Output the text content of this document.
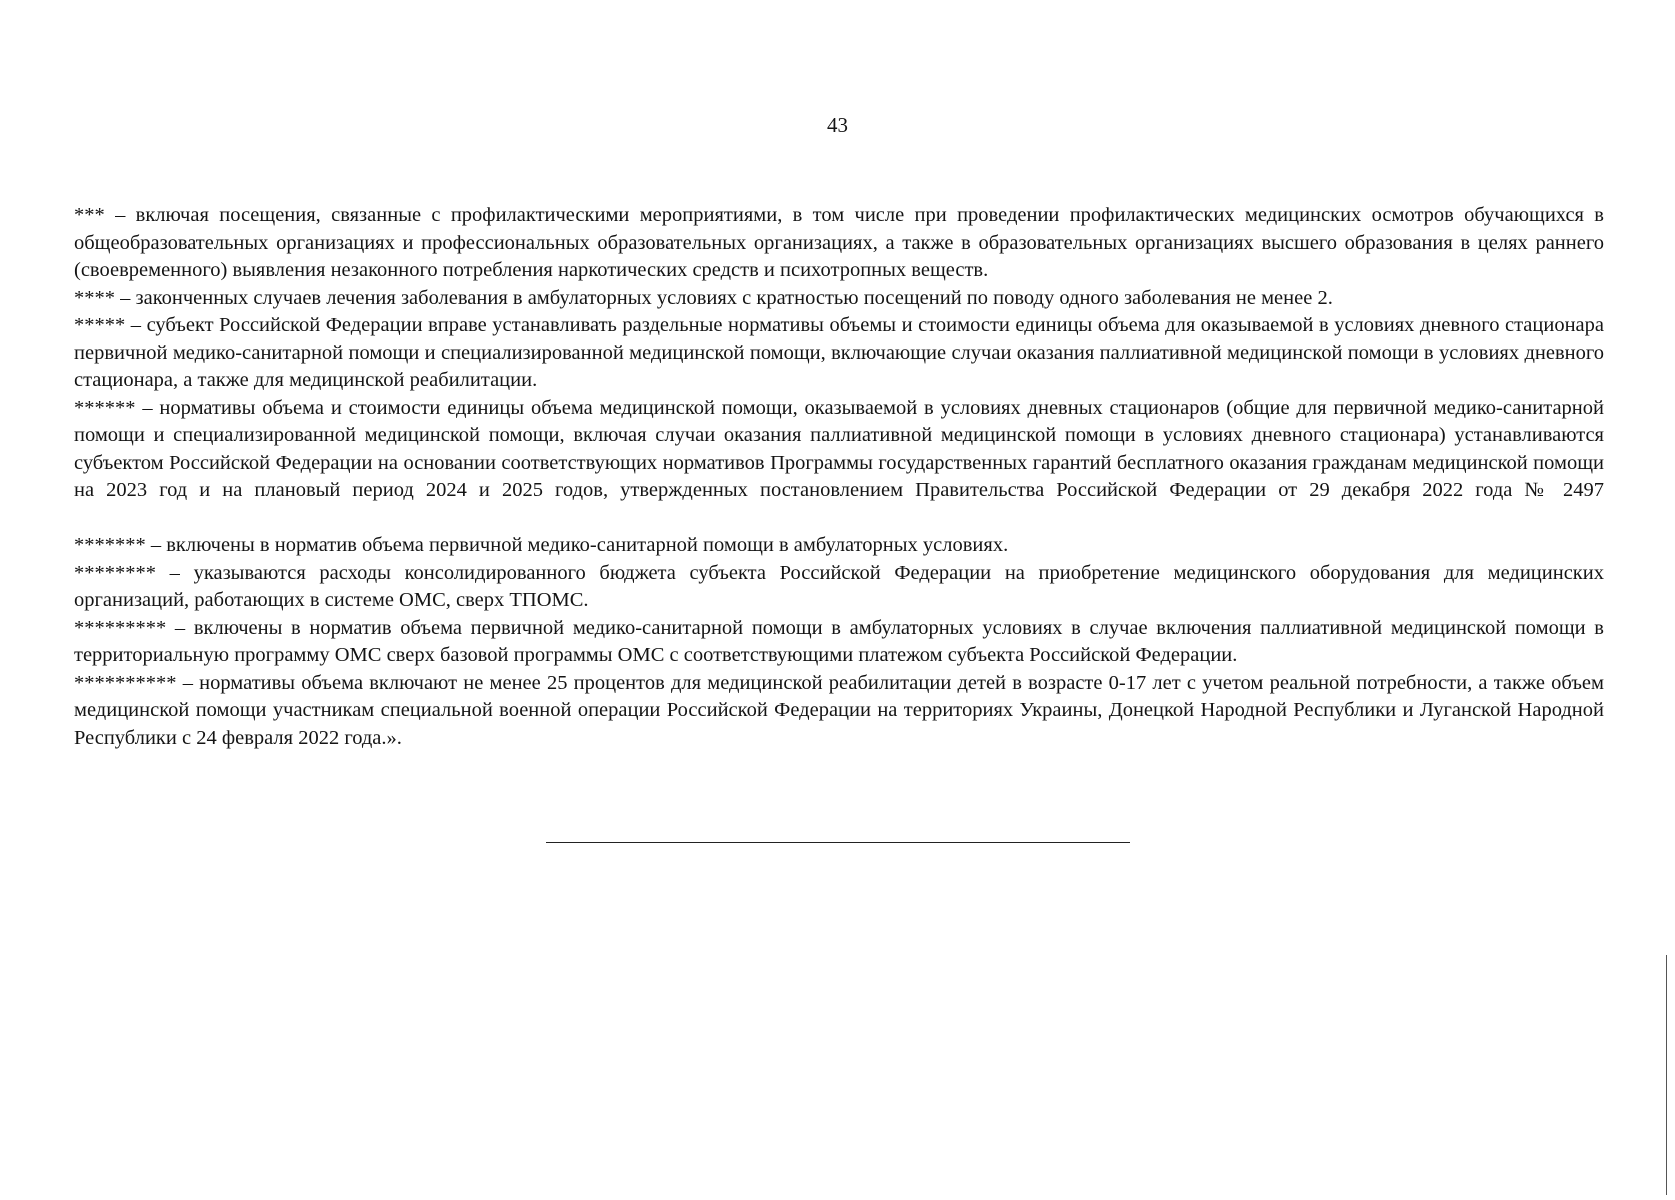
43

*** – включая посещения, связанные с профилактическими мероприятиями, в том числе при проведении профилактических медицинских осмотров обучающихся в общеобразовательных организациях и профессиональных образовательных организациях, а также в образовательных организациях высшего образования в целях раннего (своевременного) выявления незаконного потребления наркотических средств и психотропных веществ.

**** – законченных случаев лечения заболевания в амбулаторных условиях с кратностью посещений по поводу одного заболевания не менее 2.

***** – субъект Российской Федерации вправе устанавливать раздельные нормативы объемы и стоимости единицы объема для оказываемой в условиях дневного стационара первичной медико-санитарной помощи и специализированной медицинской помощи, включающие случаи оказания паллиативной медицинской помощи в условиях дневного стационара, а также для медицинской реабилитации.

****** – нормативы объема и стоимости единицы объема медицинской помощи, оказываемой в условиях дневных стационаров (общие для первичной медико-санитарной помощи и специализированной медицинской помощи, включая случаи оказания паллиативной медицинской помощи в условиях дневного стационара) устанавливаются субъектом Российской Федерации на основании соответствующих нормативов Программы государственных гарантий бесплатного оказания гражданам медицинской помощи на 2023 год и на плановый период 2024 и 2025 годов, утвержденных постановлением Правительства Российской Федерации от 29 декабря 2022 года № 2497

******* – включены в норматив объема первичной медико-санитарной помощи в амбулаторных условиях.

******** – указываются расходы консолидированного бюджета субъекта Российской Федерации на приобретение медицинского оборудования для медицинских организаций, работающих в системе ОМС, сверх ТПОМС.

********* – включены в норматив объема первичной медико-санитарной помощи в амбулаторных условиях в случае включения паллиативной медицинской помощи в территориальную программу ОМС сверх базовой программы ОМС с соответствующими платежом субъекта Российской Федерации.

********** – нормативы объема включают не менее 25 процентов для медицинской реабилитации детей в возрасте 0-17 лет с учетом реальной потребности, а также объем медицинской помощи участникам специальной военной операции Российской Федерации на территориях Украины, Донецкой Народной Республики и Луганской Народной Республики с 24 февраля 2022 года.».
